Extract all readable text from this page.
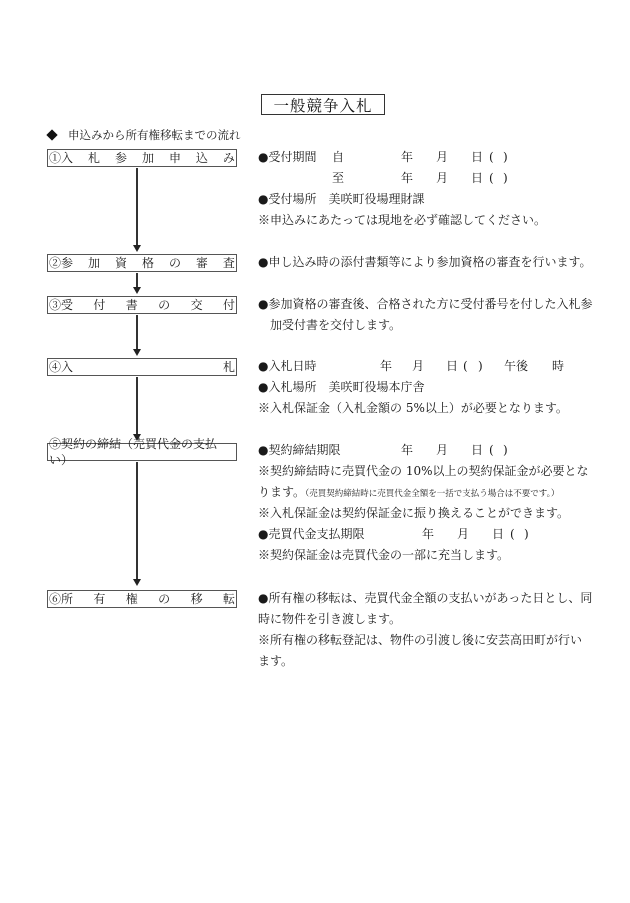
一般競争入札
申込みから所有権移転までの流れ
①入 札 参 加 申 込 み
②参 加 資 格 の 審 査
③受 付 書 の 交 付
④入	札
⑤契約の締結（売買代金の支払い）
⑥所 有 権 の 移 転
●受付期間 自	年 月 日 ( )
至	年 月 日 ( )
●受付場所　美咲町役場理財課
※申込みにあたっては現地を必ず確認してください。
●申し込み時の添付書類等により参加資格の審査を行います。
●参加資格の審査後、合格された方に受付番号を付した入札参
加受付書を交付します。
●入札日時	年 月 日 ( ) 午後 時
●入札場所　美咲町役場本庁舎
※入札保証金（入札金額の 5%以上）が必要となります。
●契約締結期限	年 月 日 ( )
※契約締結時に売買代金の 10%以上の契約保証金が必要とな
ります。（売買契約締結時に売買代金全額を一括で支払う場合は不要です。）
※入札保証金は契約保証金に振り換えることができます。
●売買代金支払期限	年 月 日 ( )
※契約保証金は売買代金の一部に充当します。
●所有権の移転は、売買代金全額の支払いがあった日とし、同
時に物件を引き渡します。
※所有権の移転登記は、物件の引渡し後に安芸高田町が行い
ます。
